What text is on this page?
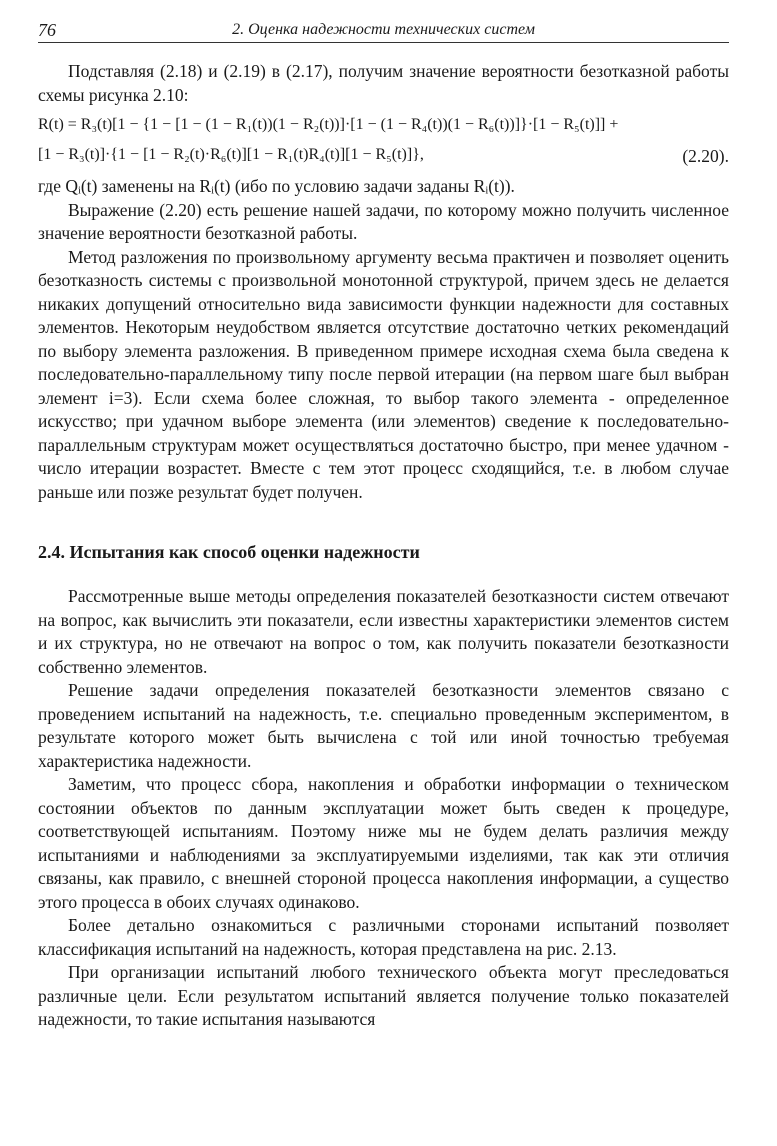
76	2. Оценка надежности технических систем

Подставляя (2.18) и (2.19) в (2.17), получим значение вероятности безотказной работы схемы рисунка 2.10:

R(t) = R₃(t)[1 − {1 − [1 − (1 − R₁(t))(1 − R₂(t))]·[1 − (1 − R₄(t))(1 − R₆(t))]}·[1 − R₅(t)]] +
[1 − R₃(t)]·{1 − [1 − R₂(t)·R₆(t)][1 − R₁(t)R₄(t)][1 − R₅(t)]},	(2.20).

где Qᵢ(t) заменены на Rᵢ(t) (ибо по условию задачи заданы Rᵢ(t)).

Выражение (2.20) есть решение нашей задачи, по которому можно получить численное значение вероятности безотказной работы.

Метод разложения по произвольному аргументу весьма практичен и позволяет оценить безотказность системы с произвольной монотонной структурой, причем здесь не делается никаких допущений относительно вида зависимости функции надежности для составных элементов. Некоторым неудобством является отсутствие достаточно четких рекомендаций по выбору элемента разложения. В приведенном примере исходная схема была сведена к последовательно-параллельному типу после первой итерации (на первом шаге был выбран элемент i=3). Если схема более сложная, то выбор такого элемента - определенное искусство; при удачном выборе элемента (или элементов) сведение к последовательно-параллельным структурам может осуществляться достаточно быстро, при менее удачном - число итерации возрастет. Вместе с тем этот процесс сходящийся, т.е. в любом случае раньше или позже результат будет получен.

2.4. Испытания как способ оценки надежности

Рассмотренные выше методы определения показателей безотказности систем отвечают на вопрос, как вычислить эти показатели, если известны характеристики элементов систем и их структура, но не отвечают на вопрос о том, как получить показатели безотказности собственно элементов.

Решение задачи определения показателей безотказности элементов связано с проведением испытаний на надежность, т.е. специально проведенным экспериментом, в результате которого может быть вычислена с той или иной точностью требуемая характеристика надежности.

Заметим, что процесс сбора, накопления и обработки информации о техническом состоянии объектов по данным эксплуатации может быть сведен к процедуре, соответствующей испытаниям. Поэтому ниже мы не будем делать различия между испытаниями и наблюдениями за эксплуатируемыми изделиями, так как эти отличия связаны, как правило, с внешней стороной процесса накопления информации, а существо этого процесса в обоих случаях одинаково.

Более детально ознакомиться с различными сторонами испытаний позволяет классификация испытаний на надежность, которая представлена на рис. 2.13.

При организации испытаний любого технического объекта могут преследоваться различные цели. Если результатом испытаний является получение только показателей надежности, то такие испытания называются
